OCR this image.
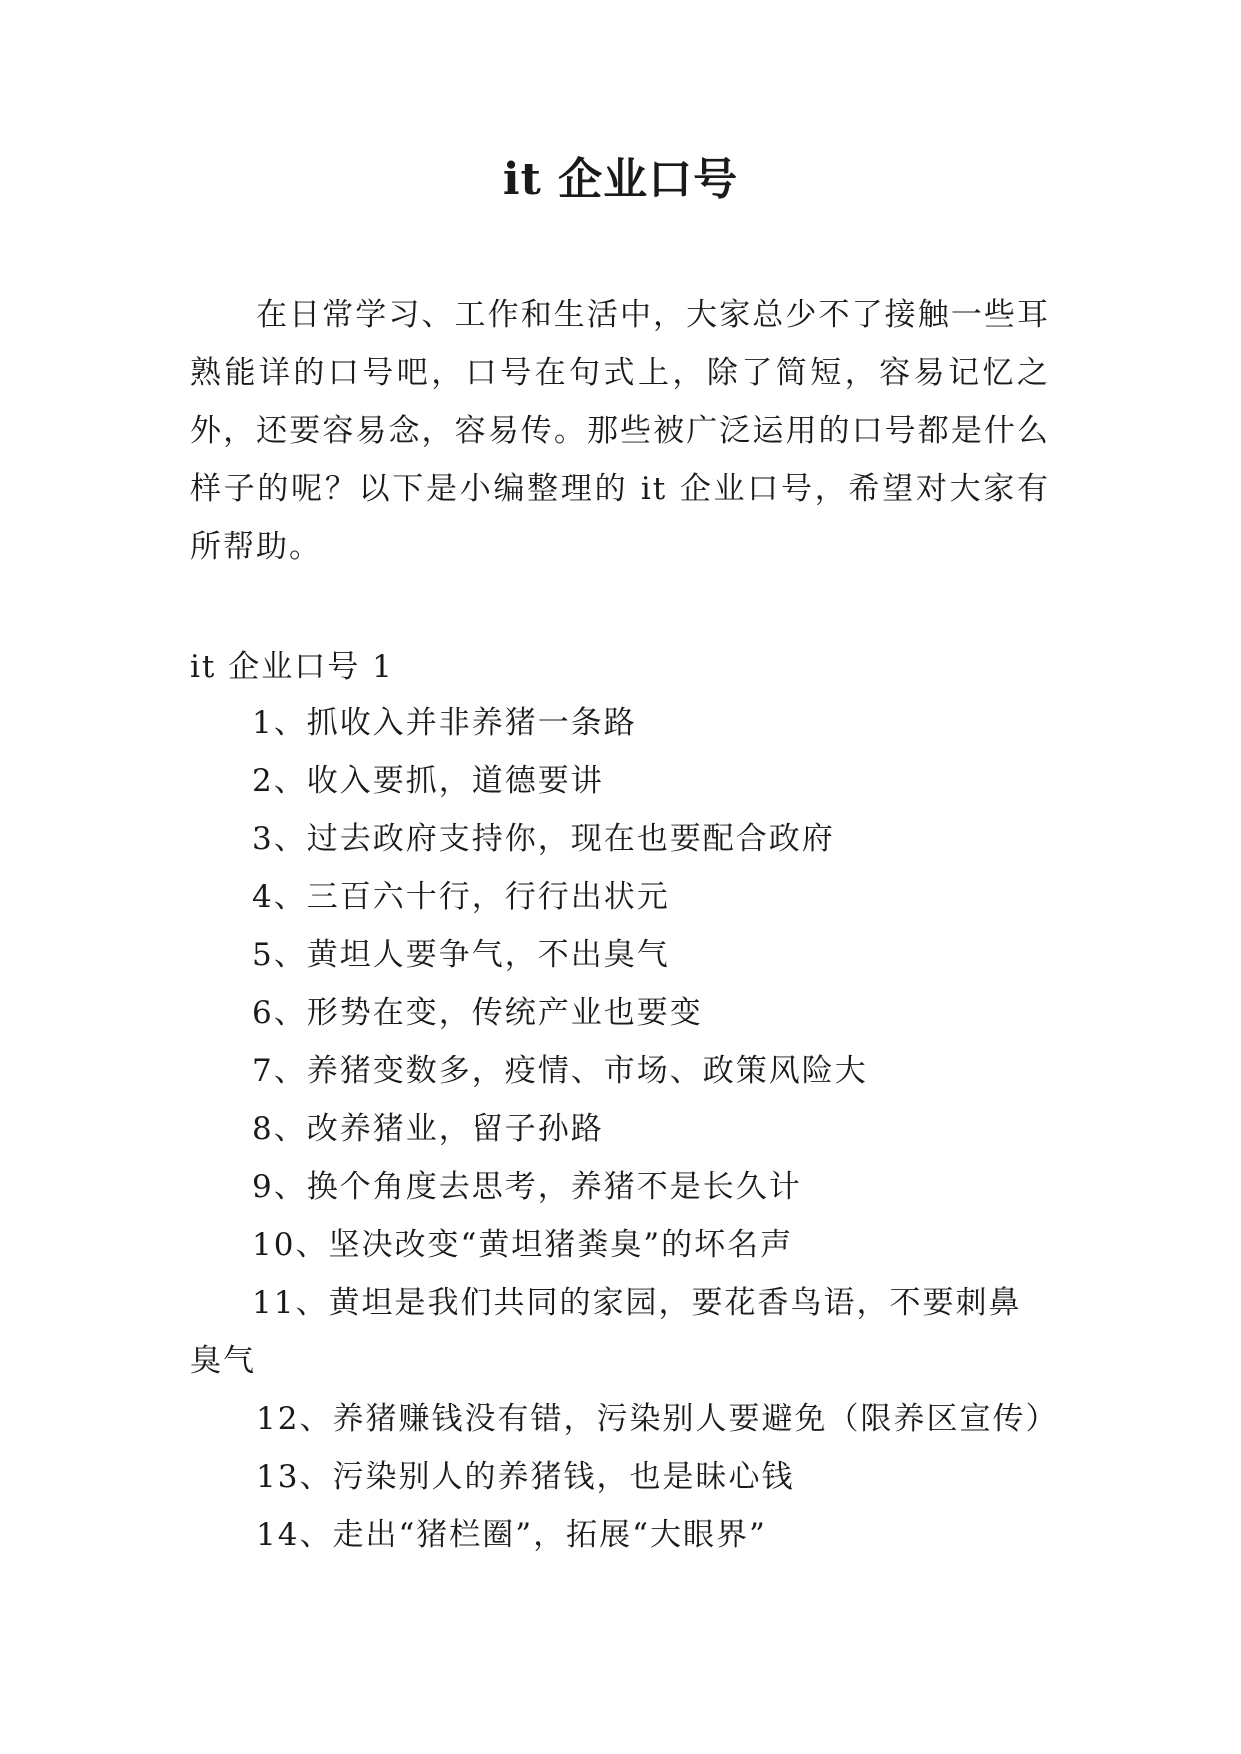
it 企业口号

在日常学习、工作和生活中，大家总少不了接触一些耳熟能详的口号吧，口号在句式上，除了简短，容易记忆之外，还要容易念，容易传。那些被广泛运用的口号都是什么样子的呢？以下是小编整理的 it 企业口号，希望对大家有所帮助。

it 企业口号 1
1、抓收入并非养猪一条路
2、收入要抓，道德要讲
3、过去政府支持你，现在也要配合政府
4、三百六十行，行行出状元
5、黄坦人要争气，不出臭气
6、形势在变，传统产业也要变
7、养猪变数多，疫情、市场、政策风险大
8、改养猪业，留子孙路
9、换个角度去思考，养猪不是长久计
10、坚决改变“黄坦猪粪臭”的坏名声
11、黄坦是我们共同的家园，要花香鸟语，不要刺鼻臭气
12、养猪赚钱没有错，污染别人要避免（限养区宣传）
13、污染别人的养猪钱，也是昧心钱
14、走出“猪栏圈”，拓展“大眼界”
